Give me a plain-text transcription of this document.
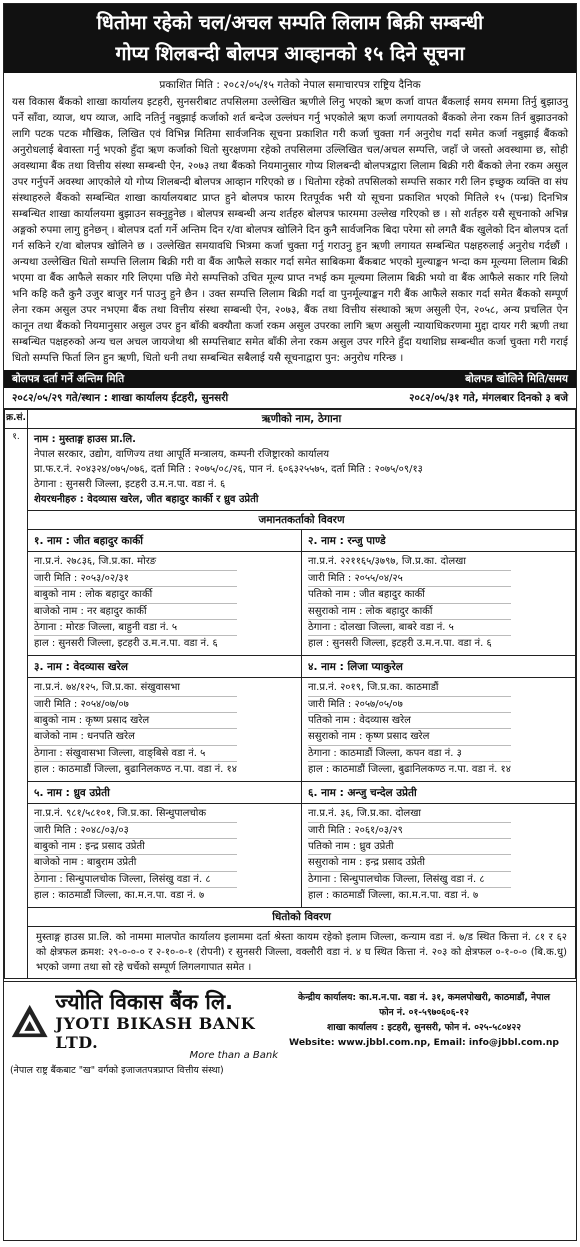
धितोमा रहेको चल/अचल सम्पति लिलाम बिक्री सम्बन्धी
गोप्य शिलबन्दी बोलपत्र आव्हानको १५ दिने सूचना
प्रकाशित मिति : २०८२/०५/१५ गतेको नेपाल समाचारपत्र राष्ट्रिय दैनिक
यस विकास बैंकको शाखा कार्यालय इटहरी, सुनसरीबाट तपसिलमा उल्लेखित ऋणीले लिनु भएको ऋण कर्जा वापत बैंकलाई समय सममा तिर्नु बुझाउनु पर्ने साँवा, व्याज, थप व्याज, आदि नतिर्नु नबुझाई कर्जाको शर्त बन्देज उल्लंघन गर्नु भएकोले ऋण कर्जा लगायतको बैंकको लेना रकम तिर्न बुझाउनको लागि पटक पटक मौखिक, लिखित एवं विभिन्न मितिमा सार्वजनिक सूचना प्रकाशित गरी कर्जा चुक्ता गर्न अनुरोध गर्दा समेत कर्जा नबुझाई बैंकको अनुरोधलाई बेवास्ता गर्नु भएको हुँदा ऋण कर्जाको धितो सुरक्षणमा रहेको तपसिलमा उल्लिखित चल/अचल सम्पत्ति, जहाँ जे जस्तो अवस्थामा छ, सोही अवस्थामा बैंक तथा वित्तीय संस्था सम्बन्धी ऐन, २०७३ तथा बैंकको नियमानुसार गोप्य शिलबन्दी बोलपत्रद्वारा लिलाम बिक्री गरी बैंकको लेना रकम असुल उपर गर्नुपर्ने अवस्था आएकोले यो गोप्य शिलबन्दी बोलपत्र आव्हान गरिएको छ । धितोमा रहेको तपसिलको सम्पत्ति सकार गरी लिन इच्छुक व्यक्ति वा संघ संस्थाहरुले बैंकको सम्बन्धित शाखा कार्यालयबाट प्राप्त हुने बोलपत्र फारम रितपूर्वक भरी यो सूचना प्रकाशित भएको मितिले १५ (पन्ध्र) दिनभित्र सम्बन्धित शाखा कार्यालयमा बुझाउन सक्नुहुनेछ । बोलपत्र सम्बन्धी अन्य शर्तहरु बोलपत्र फारममा उल्लेख गरिएको छ । सो शर्तहरु यसै सूचनाको अभिन्न अङ्गको रुपमा लागु हुनेछन् । बोलपत्र दर्ता गर्ने अन्तिम दिन र/वा बोलपत्र खोलिने दिन कुनै सार्वजनिक बिदा परेमा सो लगतै बैंक खुलेको दिन बोलपत्र दर्ता गर्न सकिने र/वा बोलपत्र खोलिने छ । उल्लेखित समयावधि भित्रमा कर्जा चुक्ता गर्नु गराउनु हुन ऋणी लगायत सम्बन्धित पक्षहरुलाई अनुरोध गर्दछौं । अन्यथा उल्लेखित धितो सम्पत्ति लिलाम बिक्री गरी वा बैंक आफैले सकार गर्दा समेत साबिकमा बैंकबाट भएको मुल्याङ्कन भन्दा कम मूल्यमा लिलाम बिक्री भएमा वा बैंक आफैले सकार गरि लिएमा पछि मेरो सम्पत्तिको उचित मूल्य प्राप्त नभई कम मूल्यमा लिलाम बिक्री भयो वा बैंक आफैले सकार गरि लियो भनि कहि कतै कुनै उजुर बाजुर गर्न पाउनु हुने छैन । उक्त सम्पत्ति लिलाम बिक्री गर्दा वा पुनर्मूल्याङ्कन गरी बैंक आफैले सकार गर्दा समेत बैंकको सम्पूर्ण लेना रकम असुल उपर नभएमा बैंक तथा वित्तीय संस्था सम्बन्धी ऐन, २०७३, बैंक तथा वित्तीय संस्थाको ऋण असुली ऐन, २०५८, अन्य प्रचलित ऐन कानून तथा बैंकको नियमानुसार असुल उपर हुन बाँकी बक्यौता कर्जा रकम असुल उपरका लागि ऋण असुली न्यायाधिकरणमा मुद्दा दायर गरी ऋणी तथा सम्बन्धित पक्षहरुको अन्य चल अचल जायजेथा श्री सम्पत्तिबाट समेत बाँकी लेना रकम असुल उपर गरिने हुँदा यथाशिघ्र सम्बन्धीत कर्जा चुक्ता गरी गराई धितो सम्पत्ति फिर्ता लिन हुन ऋणी, धितो धनी तथा सम्बन्धित सबैलाई यसै सूचनाद्वारा पुन: अनुरोध गरिन्छ ।
बोलपत्र दर्ता गर्ने अन्तिम मिति	बोलपत्र खोलिने मिति/समय
२०८२/०५/२९ गते/स्थान : शाखा कार्यालय ईटहरी, सुनसरी	२०८२/०५/३१ गते, मंगलबार दिनको ३ बजे
क्र.सं.	ऋणीको नाम, ठेगाना
१.	नाम : मुस्ताङ्ग हाउस प्रा.लि.
नेपाल सरकार, उद्योग, वाणिज्य तथा आपूर्ति मन्त्रालय, कम्पनी रजिष्ट्रारको कार्यालय
प्रा.फ.र.नं. २०४३२४/०७५/०७६, दर्ता मिति : २०७५/०८/२६, पान नं. ६०६३२५५७५, दर्ता मिति : २०७५/०९/१३
ठेगाना : सुनसरी जिल्ला, इटहरी उ.म.न.पा. वडा नं. ६
शेयरधनीहरु : वेदव्यास खरेल, जीत बहादुर कार्की र ध्रुव उप्रेती
जमानतकर्ताको विवरण

१. नाम : जीत बहादुर कार्की
ना.प्र.नं. २७८३६, जि.प्र.का. मोरङ
जारी मिति : २०५३/०२/३१
बाबुको नाम : लोक बहादुर कार्की
बाजेको नाम : नर बहादुर कार्की
ठेगाना : मोरङ जिल्ला, बाहुनी वडा नं. ५
हाल : सुनसरी जिल्ला, इटहरी उ.म.न.पा. वडा नं. ६

२. नाम : रन्जु पाण्डे
ना.प्र.नं. २२११६५/३७९७, जि.प्र.का. दोलखा
जारी मिति : २०५५/०४/२५
पतिको नाम : जीत बहादुर कार्की
ससुराको नाम : लोक बहादुर कार्की
ठेगाना : दोलखा जिल्ला, बाबरे वडा नं. ५
हाल : सुनसरी जिल्ला, इटहरी उ.म.न.पा. वडा नं. ६

३. नाम : वेदव्यास खरेल
ना.प्र.नं. ७४/१२५, जि.प्र.का. संखुवासभा
जारी मिति : २०५४/०७/०७
बाबुको नाम : कृष्ण प्रसाद खरेल
बाजेको नाम : धनपति खरेल
ठेगाना : संखुवासभा जिल्ला, वाङ्बिसे वडा नं. ५
हाल : काठमाडौं जिल्ला, बुढानिलकण्ठ न.पा. वडा नं. १४

४. नाम : लिजा प्याकुरेल
ना.प्र.नं. २०१९, जि.प्र.का. काठमाडौं
जारी मिति : २०५७/०५/०७
पतिको नाम : वेदव्यास खरेल
ससुराको नाम : कृष्ण प्रसाद खरेल
ठेगाना : काठमाडौं जिल्ला, कपन वडा नं. ३
हाल : काठमाडौं जिल्ला, बुढानिलकण्ठ न.पा. वडा नं. १४

५. नाम : ध्रुव उप्रेती
ना.प्र.नं. ९८१/५८१०१, जि.प्र.का. सिन्धुपालचोक
जारी मिति : २०४८/०३/०३
बाबुको नाम : इन्द्र प्रसाद उप्रेती
बाजेको नाम : बाबुराम उप्रेती
ठेगाना : सिन्धुपालचोक जिल्ला, लिसंखु वडा नं. ८
हाल : काठमाडौं जिल्ला, का.म.न.पा. वडा नं. ७

६. नाम : अन्जु चन्देल उप्रेती
ना.प्र.नं. ३६, जि.प्र.का. दोलखा
जारी मिति : २०६१/०३/२९
पतिको नाम : ध्रुव उप्रेती
ससुराको नाम : इन्द्र प्रसाद उप्रेती
ठेगाना : सिन्धुपालचोक जिल्ला, लिसंखु वडा नं. ८
हाल : काठमाडौं जिल्ला, का.म.न.पा. वडा नं. ७

धितोको विवरण
मुस्ताङ्ग हाउस प्रा.लि. को नाममा मालपोत कार्यालय इलाममा दर्ता श्रेस्ता कायम रहेको इलाम जिल्ला, कन्याम वडा नं. ७/ड स्थित कित्ता नं. ८१ र ६२ को क्षेत्रफल क्रमश: २९-०-०-० र २-१०-०-१ (रोपनी) र सुनसरी जिल्ला, वक्लौरी वडा नं. ४ घ स्थित कित्ता नं. २०३ को क्षेत्रफल ०-१-०-० (बि.क.धु) भएको जग्गा तथा सो रहे चर्चेको सम्पूर्ण लिगलगापात समेत ।
ज्योति विकास बैंक लि.
JYOTI BIKASH BANK LTD.
More than a Bank
(नेपाल राष्ट्र बैंकबाट "ख" वर्गको इजाजतपत्रप्राप्त वित्तीय संस्था)
केन्द्रीय कार्यालय: का.म.न.पा. वडा नं. ३१, कमलपोखरी, काठमाडौं, नेपाल
फोन नं. ०१-५९७०६०६-१२
शाखा कार्यालय : इटहरी, सुनसरी, फोन नं. ०२५-५८०४२२
Website: www.jbbl.com.np, Email: info@jbbl.com.np
